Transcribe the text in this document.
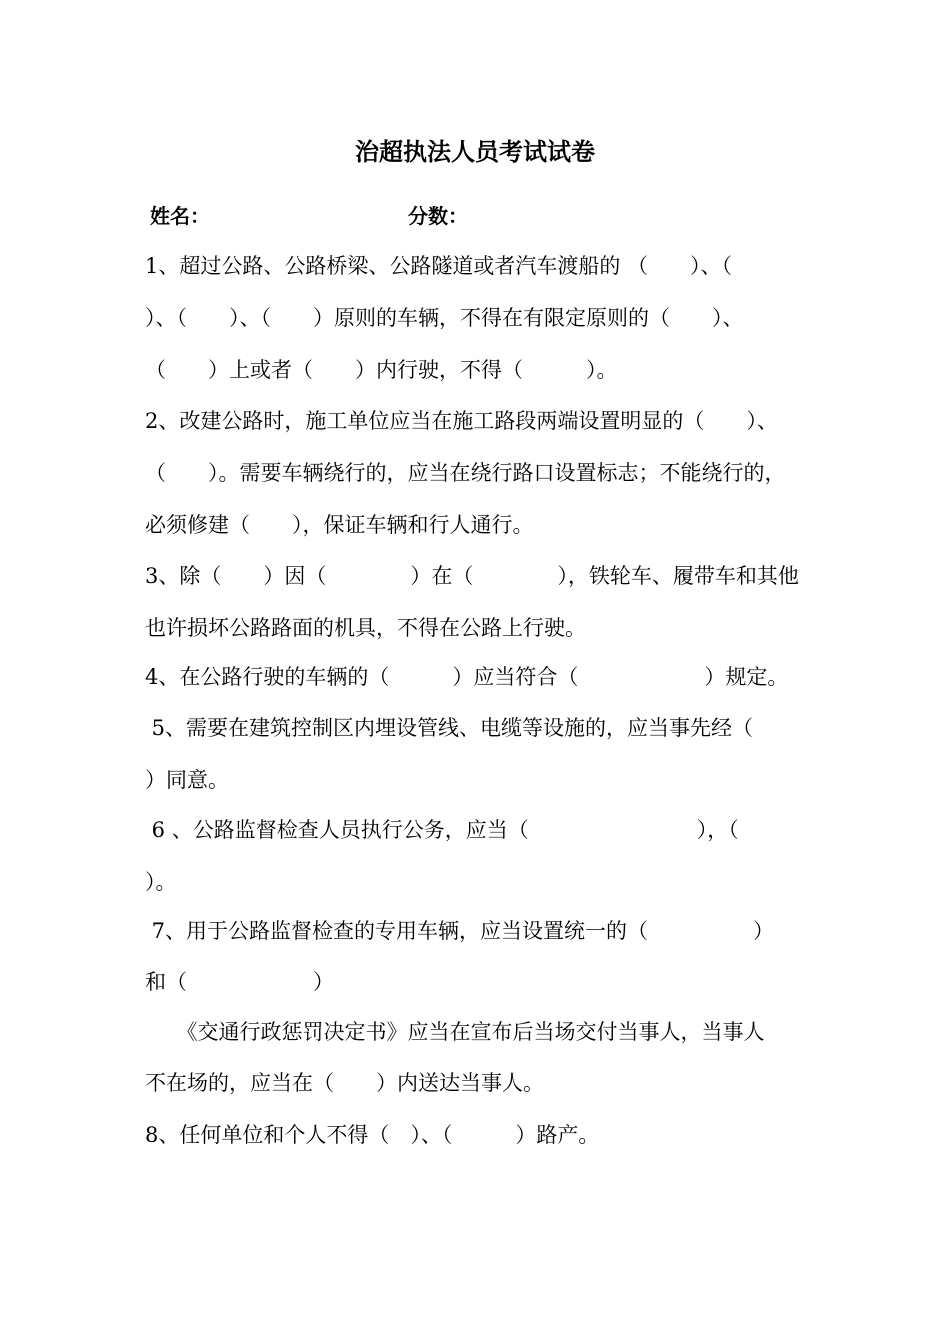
治超执法人员考试试卷
姓名：	分数：
1、超过公路、公路桥梁、公路隧道或者汽车渡船的 （　　）、（
）、（　　）、（　　）原则的车辆，不得在有限定原则的（　　）、
（　　）上或者（　　）内行驶，不得（　　　）。
2、改建公路时，施工单位应当在施工路段两端设置明显的（　　）、
（　　）。需要车辆绕行的，应当在绕行路口设置标志；不能绕行的，
必须修建（　　），保证车辆和行人通行。
3、除（　　）因（　　　　）在（　　　　），铁轮车、履带车和其他
也许损坏公路路面的机具，不得在公路上行驶。
4、在公路行驶的车辆的（　　　）应当符合（　　　　　　）规定。
5、需要在建筑控制区内埋设管线、电缆等设施的，应当事先经（
）同意。
6 、公路监督检查人员执行公务，应当（　　　　　　　　），（
）。
7、用于公路监督检查的专用车辆，应当设置统一的（　　　　　）
和（　　　　　　）
　　《交通行政惩罚决定书》应当在宣布后当场交付当事人，当事人
不在场的，应当在（　　）内送达当事人。
8、任何单位和个人不得（　）、（　　　）路产。
